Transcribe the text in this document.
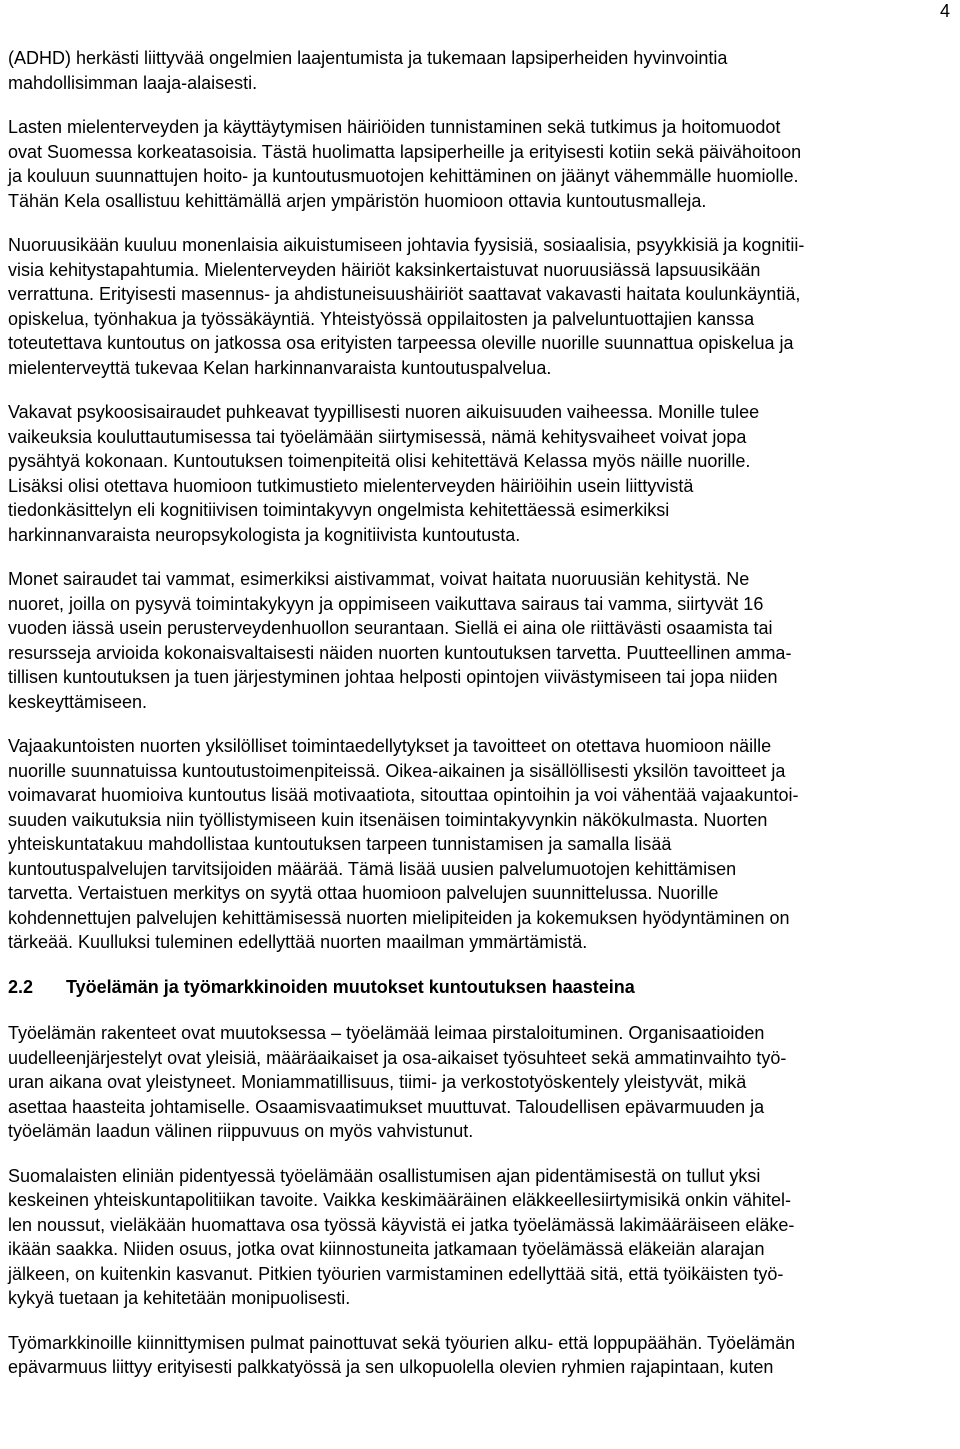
4
(ADHD) herkästi liittyvää ongelmien laajentumista ja tukemaan lapsiperheiden hyvinvointia
mahdollisimman laaja-alaisesti.
Lasten mielenterveyden ja käyttäytymisen häiriöiden tunnistaminen sekä tutkimus ja hoitomuodot
ovat Suomessa korkeatasoisia. Tästä huolimatta lapsiperheille ja erityisesti kotiin sekä päivähoitoon
ja kouluun suunnattujen hoito- ja kuntoutusmuotojen kehittäminen on jäänyt vähemmälle huomiolle.
Tähän Kela osallistuu kehittämällä arjen ympäristön huomioon ottavia kuntoutusmalleja.
Nuoruusikään kuuluu monenlaisia aikuistumiseen johtavia fyysisiä, sosiaalisia, psyykkisiä ja kognitii-
visia kehitystapahtumia. Mielenterveyden häiriöt kaksinkertaistuvat nuoruusiässä lapsuusikään
verrattuna. Erityisesti masennus- ja ahdistuneisuushäiriöt saattavat vakavasti haitata koulunkäyntiä,
opiskelua, työnhakua ja työssäkäyntiä. Yhteistyössä oppilaitosten ja palveluntuottajien kanssa
toteutettava kuntoutus on jatkossa osa erityisten tarpeessa oleville nuorille suunnattua opiskelua ja
mielenterveyttä tukevaa Kelan harkinnanvaraista kuntoutuspalvelua.
Vakavat psykoosisairaudet puhkeavat tyypillisesti nuoren aikuisuuden vaiheessa. Monille tulee
vaikeuksia kouluttautumisessa tai työelämään siirtymisessä, nämä kehitysvaiheet voivat jopa
pysähtyä kokonaan. Kuntoutuksen toimenpiteitä olisi kehitettävä Kelassa myös näille nuorille.
Lisäksi olisi otettava huomioon tutkimustieto mielenterveyden häiriöihin usein liittyvistä
tiedonkäsittelyn eli kognitiivisen toimintakyvyn ongelmista kehitettäessä esimerkiksi
harkinnanvaraista neuropsykologista ja kognitiivista kuntoutusta.
Monet sairaudet tai vammat, esimerkiksi aistivammat, voivat haitata nuoruusiän kehitystä. Ne
nuoret, joilla on pysyvä toimintakykyyn ja oppimiseen vaikuttava sairaus tai vamma, siirtyvät 16
vuoden iässä usein perusterveydenhuollon seurantaan. Siellä ei aina ole riittävästi osaamista tai
resursseja arvioida kokonaisvaltaisesti näiden nuorten kuntoutuksen tarvetta. Puutteellinen amma-
tillisen kuntoutuksen ja tuen järjestyminen johtaa helposti opintojen viivästymiseen tai jopa niiden
keskeyttämiseen.
Vajaakuntoisten nuorten yksilölliset toimintaedellytykset ja tavoitteet on otettava huomioon näille
nuorille suunnatuissa kuntoutustoimenpiteissä. Oikea-aikainen ja sisällöllisesti yksilön tavoitteet ja
voimavarat huomioiva kuntoutus lisää motivaatiota, sitouttaa opintoihin ja voi vähentää vajaakuntoi-
suuden vaikutuksia niin työllistymiseen kuin itsenäisen toimintakyvynkin näkökulmasta. Nuorten
yhteiskuntatakuu mahdollistaa kuntoutuksen tarpeen tunnistamisen ja samalla lisää
kuntoutuspalvelujen tarvitsijoiden määrää. Tämä lisää uusien palvelumuotojen kehittämisen
tarvetta. Vertaistuen merkitys on syytä ottaa huomioon palvelujen suunnittelussa. Nuorille
kohdennettujen palvelujen kehittämisessä nuorten mielipiteiden ja kokemuksen hyödyntäminen on
tärkeää. Kuulluksi tuleminen edellyttää nuorten maailman ymmärtämistä.
2.2	Työelämän ja työmarkkinoiden muutokset kuntoutuksen haasteina
Työelämän rakenteet ovat muutoksessa – työelämää leimaa pirstaloituminen. Organisaatioiden
uudelleenjärjestelyt ovat yleisiä, määräaikaiset ja osa-aikaiset työsuhteet sekä ammatinvaihto työ-
uran aikana ovat yleistyneet. Moniammatillisuus, tiimi- ja verkostotyöskentely yleistyvät, mikä
asettaa haasteita johtamiselle. Osaamisvaatimukset muuttuvat. Taloudellisen epävarmuuden ja
työelämän laadun välinen riippuvuus on myös vahvistunut.
Suomalaisten eliniän pidentyessä työelämään osallistumisen ajan pidentämisestä on tullut yksi
keskeinen yhteiskuntapolitiikan tavoite. Vaikka keskimääräinen eläkkeellesiirtymisikä onkin vähitel-
len noussut, vieläkään huomattava osa työssä käyvistä ei jatka työelämässä lakimääräiseen eläke-
ikään saakka. Niiden osuus, jotka ovat kiinnostuneita jatkamaan työelämässä eläkeiän alarajan
jälkeen, on kuitenkin kasvanut. Pitkien työurien varmistaminen edellyttää sitä, että työikäisten työ-
kykyä tuetaan ja kehitetään monipuolisesti.
Työmarkkinoille kiinnittymisen pulmat painottuvat sekä työurien alku- että loppupäähän. Työelämän
epävarmuus liittyy erityisesti palkkatyössä ja sen ulkopuolella olevien ryhmien rajapintaan, kuten
